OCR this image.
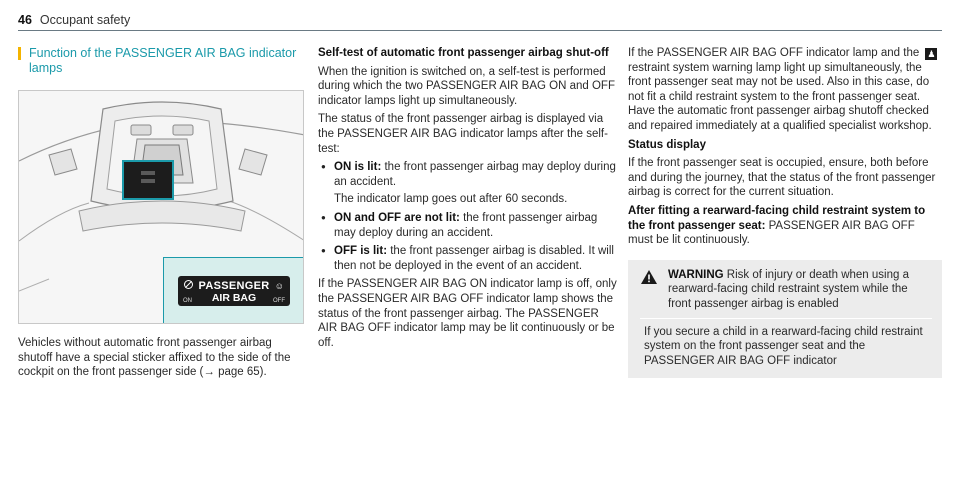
46 Occupant safety
Function of the PASSENGER AIR BAG indicator lamps
PASSENGER ☺
ON	AIR BAG	OFF

Vehicles without automatic front passenger airbag shutoff have a special sticker affixed to the side of the cockpit on the front passenger side (→ page 65).

Self-test of automatic front passenger airbag shut-off

When the ignition is switched on, a self-test is performed during which the two PASSENGER AIR BAG ON and OFF indicator lamps light up simultaneously.

The status of the front passenger airbag is displayed via the PASSENGER AIR BAG indicator lamps after the self-test:

● ON is lit: the front passenger airbag may deploy during an accident.
The indicator lamp goes out after 60 seconds.
● ON and OFF are not lit: the front passenger airbag may deploy during an accident.
● OFF is lit: the front passenger airbag is disabled. It will then not be deployed in the event of an accident.

If the PASSENGER AIR BAG ON indicator lamp is off, only the PASSENGER AIR BAG OFF indicator lamp shows the status of the front passenger airbag. The PASSENGER AIR BAG OFF indicator lamp may be lit continuously or be off.

If the PASSENGER AIR BAG OFF indicator lamp and the ♟ restraint system warning lamp light up simultaneously, the front passenger seat may not be used. Also in this case, do not fit a child restraint system to the front passenger seat. Have the automatic front passenger airbag shutoff checked and repaired immediately at a qualified specialist workshop.

Status display

If the front passenger seat is occupied, ensure, both before and during the journey, that the status of the front passenger airbag is correct for the current situation.

After fitting a rearward-facing child restraint system to the front passenger seat: PASSENGER AIR BAG OFF must be lit continuously.

WARNING Risk of injury or death when using a rearward-facing child restraint system while the front passenger airbag is enabled
If you secure a child in a rearward-facing child restraint system on the front passenger seat and the PASSENGER AIR BAG OFF indicator
